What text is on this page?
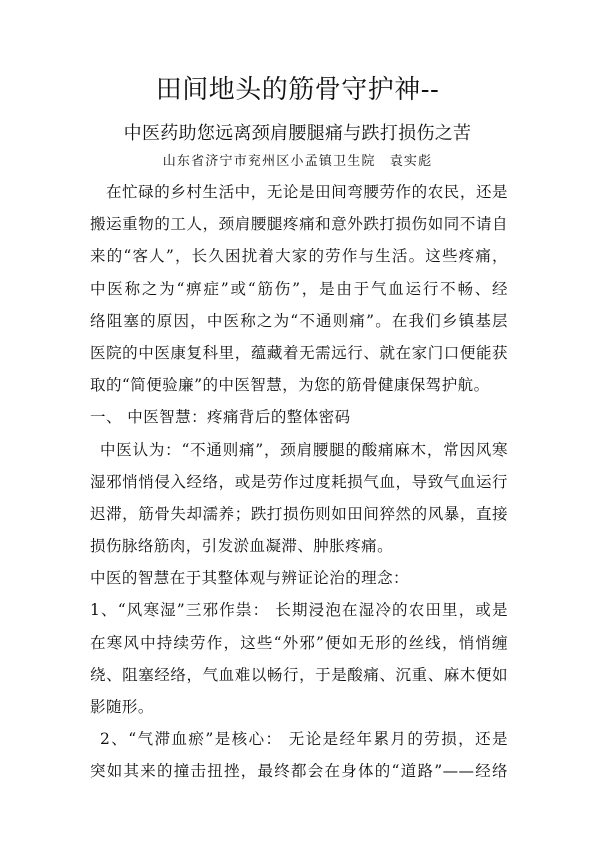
田间地头的筋骨守护神--
中医药助您远离颈肩腰腿痛与跌打损伤之苦
山东省济宁市兖州区小孟镇卫生院 袁实彪
在忙碌的乡村生活中，无论是田间弯腰劳作的农民，还是
搬运重物的工人，颈肩腰腿疼痛和意外跌打损伤如同不请自
来的“客人”，长久困扰着大家的劳作与生活。这些疼痛，
中医称之为“痹症”或“筋伤”，是由于气血运行不畅、经
络阻塞的原因，中医称之为“不通则痛”。在我们乡镇基层
医院的中医康复科里，蕴藏着无需远行、就在家门口便能获
取的“简便验廉”的中医智慧，为您的筋骨健康保驾护航。
一、 中医智慧：疼痛背后的整体密码
中医认为：“不通则痛”，颈肩腰腿的酸痛麻木，常因风寒
湿邪悄悄侵入经络，或是劳作过度耗损气血，导致气血运行
迟滞，筋骨失却濡养；跌打损伤则如田间猝然的风暴，直接
损伤脉络筋肉，引发淤血凝滞、肿胀疼痛。
中医的智慧在于其整体观与辨证论治的理念：
1、“风寒湿”三邪作祟： 长期浸泡在湿冷的农田里，或是
在寒风中持续劳作，这些“外邪”便如无形的丝线，悄悄缠
绕、阻塞经络，气血难以畅行，于是酸痛、沉重、麻木便如
影随形。
2、“气滞血瘀”是核心： 无论是经年累月的劳损，还是
突如其来的撞击扭挫，最终都会在身体的“道路”——经络
